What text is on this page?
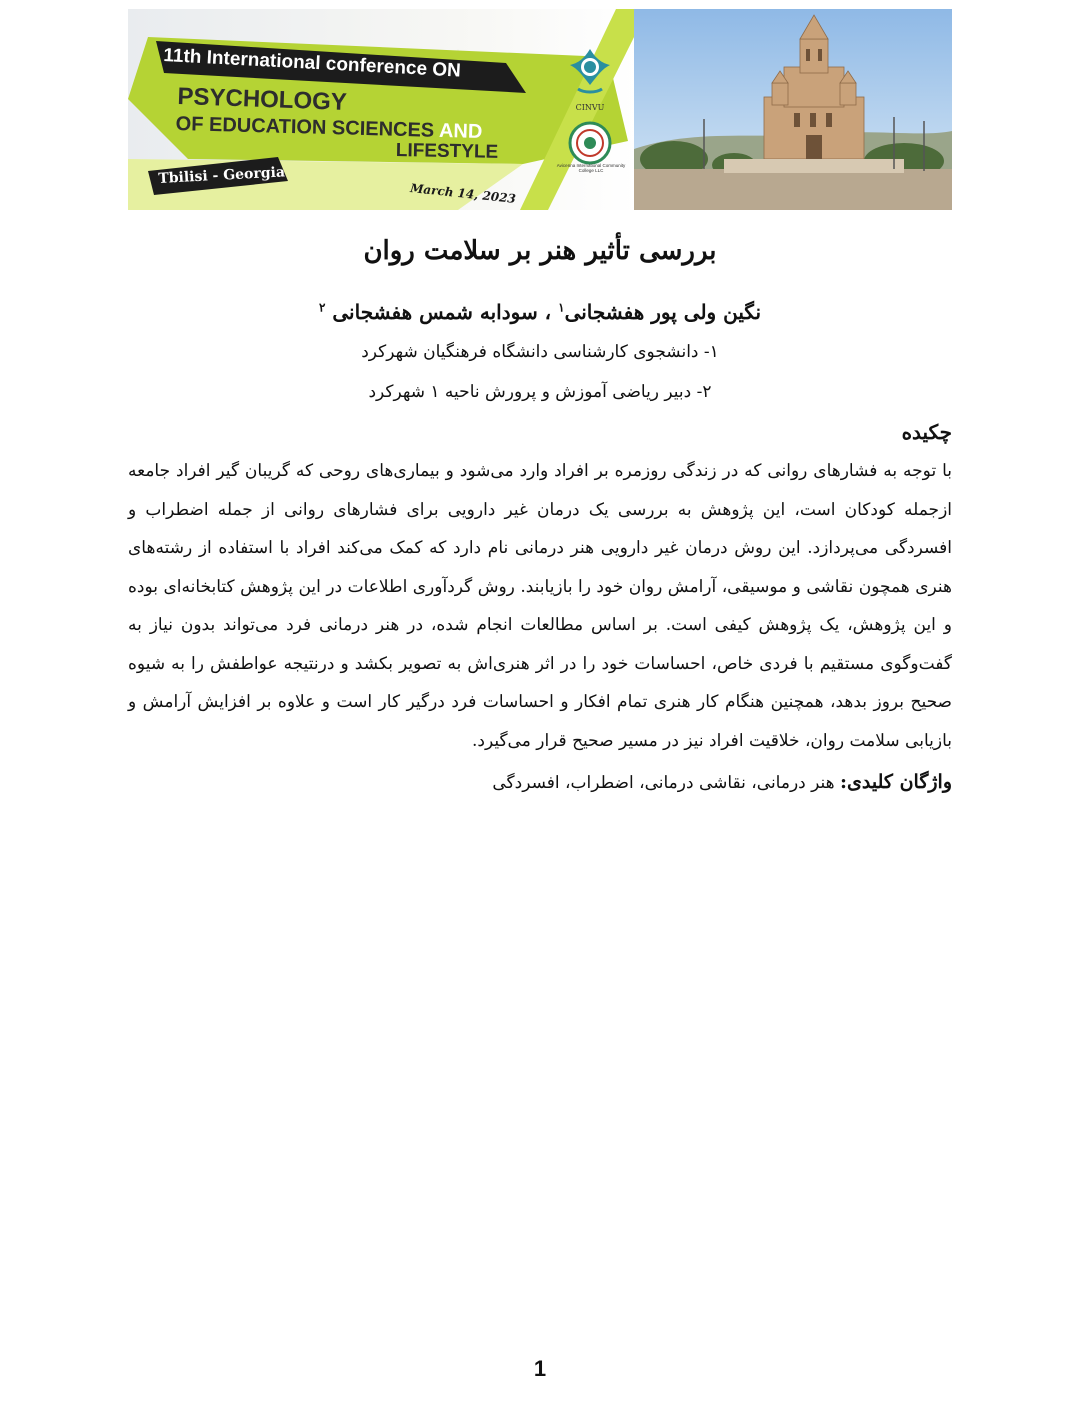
11th International conference ON
PSYCHOLOGY
OF EDUCATION SCIENCES AND
LIFESTYLE
Tbilisi - Georgia
March 14, 2023
CINVU
Avicenna International Community College LLC
بررسی تأثیر هنر بر سلامت روان
نگین ولی پور هفشجانی$^۱$ ، سودابه شمس هفشجانی $^۲$
۱- دانشجوی کارشناسی دانشگاه فرهنگیان شهرکرد
۲- دبیر ریاضی آموزش و پرورش ناحیه ۱ شهرکرد
چکیده
با توجه به فشارهای روانی که در زندگی روزمره بر افراد وارد می‌شود و بیماری‌های روحی که گریبان گیر افراد جامعه ازجمله کودکان است، این پژوهش به بررسی یک درمان غیر دارویی برای فشارهای روانی از جمله اضطراب و افسردگی می‌پردازد. این روش درمان غیر دارویی هنر درمانی نام دارد که کمک می‌کند افراد با استفاده از رشته‌های هنری همچون نقاشی و موسیقی، آرامش روان خود را بازیابند. روش گردآوری اطلاعات در این پژوهش کتابخانه‌ای بوده و این پژوهش، یک پژوهش کیفی است. بر اساس مطالعات انجام شده، در هنر درمانی فرد می‌تواند بدون نیاز به گفت‌وگوی مستقیم با فردی خاص، احساسات خود را در اثر هنری‌اش به تصویر بکشد و درنتیجه عواطفش را به شیوه صحیح بروز بدهد، همچنین هنگام کار هنری تمام افکار و احساسات فرد درگیر کار است و علاوه بر افزایش آرامش و بازیابی سلامت روان، خلاقیت افراد نیز در مسیر صحیح قرار می‌گیرد.
واژگان کلیدی: هنر درمانی، نقاشی درمانی، اضطراب، افسردگی
1
